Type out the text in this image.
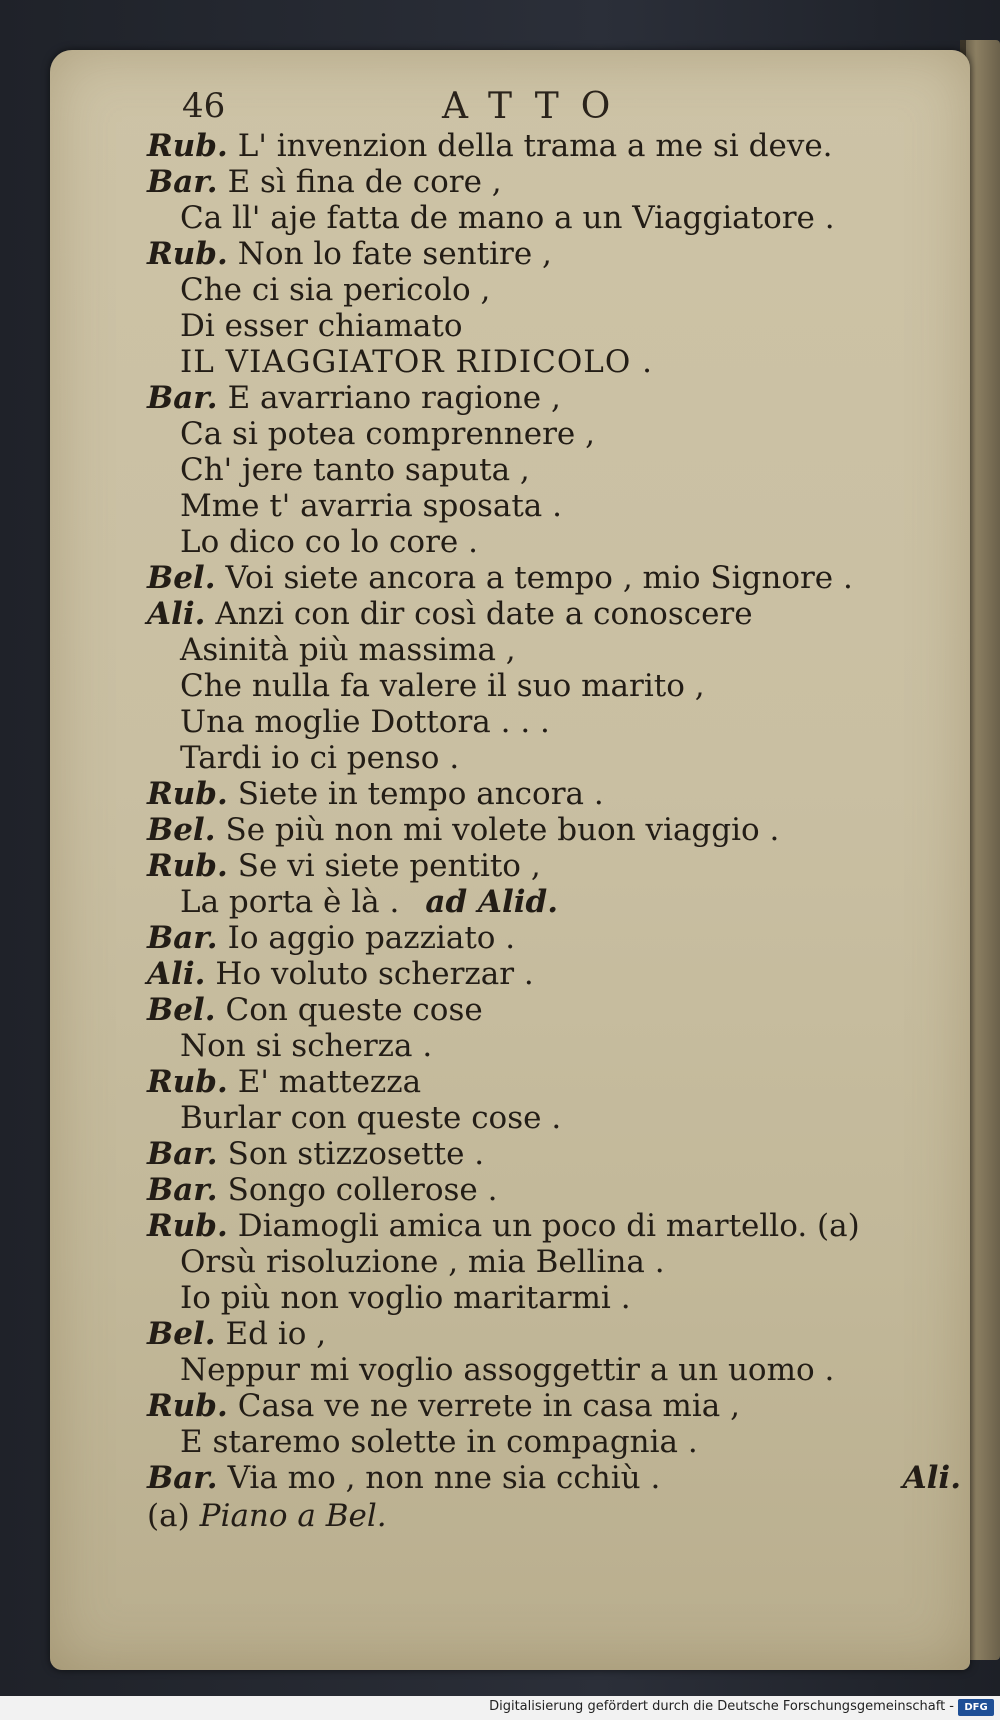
46	ATTO
Rub. L' invenzion della trama a me si deve.
Bar. E sì fina de core ,
Ca ll' aje fatta de mano a un Viaggiatore .
Rub. Non lo fate sentire ,
Che ci sia pericolo ,
Di esser chiamato
IL VIAGGIATOR RIDICOLO .
Bar. E avarriano ragione ,
Ca si potea comprennere ,
Ch' jere tanto saputa ,
Mme t' avarria sposata .
Lo dico co lo core .
Bel. Voi siete ancora a tempo , mio Signore .
Ali. Anzi con dir così date a conoscere
Asinità più massima ,
Che nulla fa valere il suo marito ,
Una moglie Dottora . . .
Tardi io ci penso .
Rub. Siete in tempo ancora .
Bel. Se più non mi volete buon viaggio .
Rub. Se vi siete pentito ,
La porta è là . ad Alid.
Bar. Io aggio pazziato .
Ali. Ho voluto scherzar .
Bel. Con queste cose
Non si scherza .
Rub. E' mattezza
Burlar con queste cose .
Bar. Son stizzosette .
Bar. Songo collerose .
Rub. Diamogli amica un poco di martello. (a)
Orsù risoluzione , mia Bellina .
Io più non voglio maritarmi .
Bel. Ed io ,
Neppur mi voglio assoggettir a un uomo .
Rub. Casa ve ne verrete in casa mia ,
E staremo solette in compagnia .
Bar. Via mo , non nne sia cchiù .	Ali.
(a) Piano a Bel.
Digitalisierung gefördert durch die Deutsche Forschungsgemeinschaft -	DFG
